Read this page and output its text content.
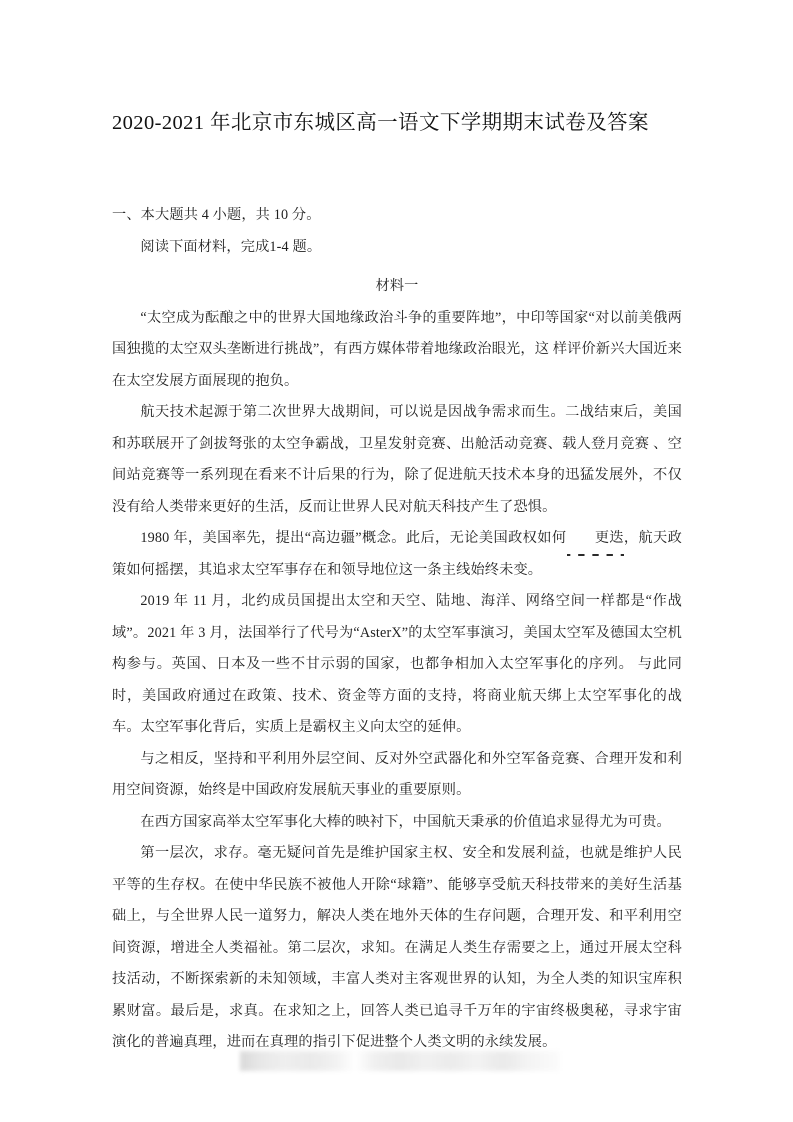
2020-2021 年北京市东城区高一语文下学期期末试卷及答案

一、本大题共 4 小题，共 10 分。

阅读下面材料，完成1-4 题。

材料一

“太空成为酝酿之中的世界大国地缘政治斗争的重要阵地”，中印等国家“对以前美俄两国独揽的太空双头垄断进行挑战”，有西方媒体带着地缘政治眼光，这 样评价新兴大国近来在太空发展方面展现的抱负。

航天技术起源于第二次世界大战期间，可以说是因战争需求而生。二战结束后，美国和苏联展开了剑拔弩张的太空争霸战，卫星发射竞赛、出舱活动竞赛、载人登月竞赛 、空间站竞赛等一系列现在看来不计后果的行为，除了促进航天技术本身的迅猛发展外，不仅没有给人类带来更好的生活，反而让世界人民对航天科技产生了恐惧。

1980 年，美国率先，提出“高边疆”概念。此后，无论美国政权如何 更迭，航天政策如何摇摆，其追求太空军事存在和领导地位这一条主线始终未变。

2019 年 11 月，北约成员国提出太空和天空、陆地、海洋、网络空间一样都是“作战域”。2021 年 3 月，法国举行了代号为“AsterX”的太空军事演习，美国太空军及德国太空机构参与。英国、日本及一些不甘示弱的国家，也都争相加入太空军事化的序列。 与此同时，美国政府通过在政策、技术、资金等方面的支持，将商业航天绑上太空军事化的战车。太空军事化背后，实质上是霸权主义向太空的延伸。

与之相反，坚持和平利用外层空间、反对外空武器化和外空军备竞赛、合理开发和利用空间资源，始终是中国政府发展航天事业的重要原则。

在西方国家高举太空军事化大棒的映衬下，中国航天秉承的价值追求显得尤为可贵。

第一层次，求存。毫无疑问首先是维护国家主权、安全和发展利益，也就是维护人民平等的生存权。在使中华民族不被他人开除“球籍”、能够享受航天科技带来的美好生活基础上，与全世界人民一道努力，解决人类在地外天体的生存问题，合理开发、和平利用空间资源，增进全人类福祉。第二层次，求知。在满足人类生存需要之上，通过开展太空科技活动，不断探索新的未知领域，丰富人类对主客观世界的认知，为全人类的知识宝库积累财富。最后是，求真。在求知之上，回答人类已追寻千万年的宇宙终极奥秘，寻求宇宙演化的普遍真理，进而在真理的指引下促进整个人类文明的永续发展。
